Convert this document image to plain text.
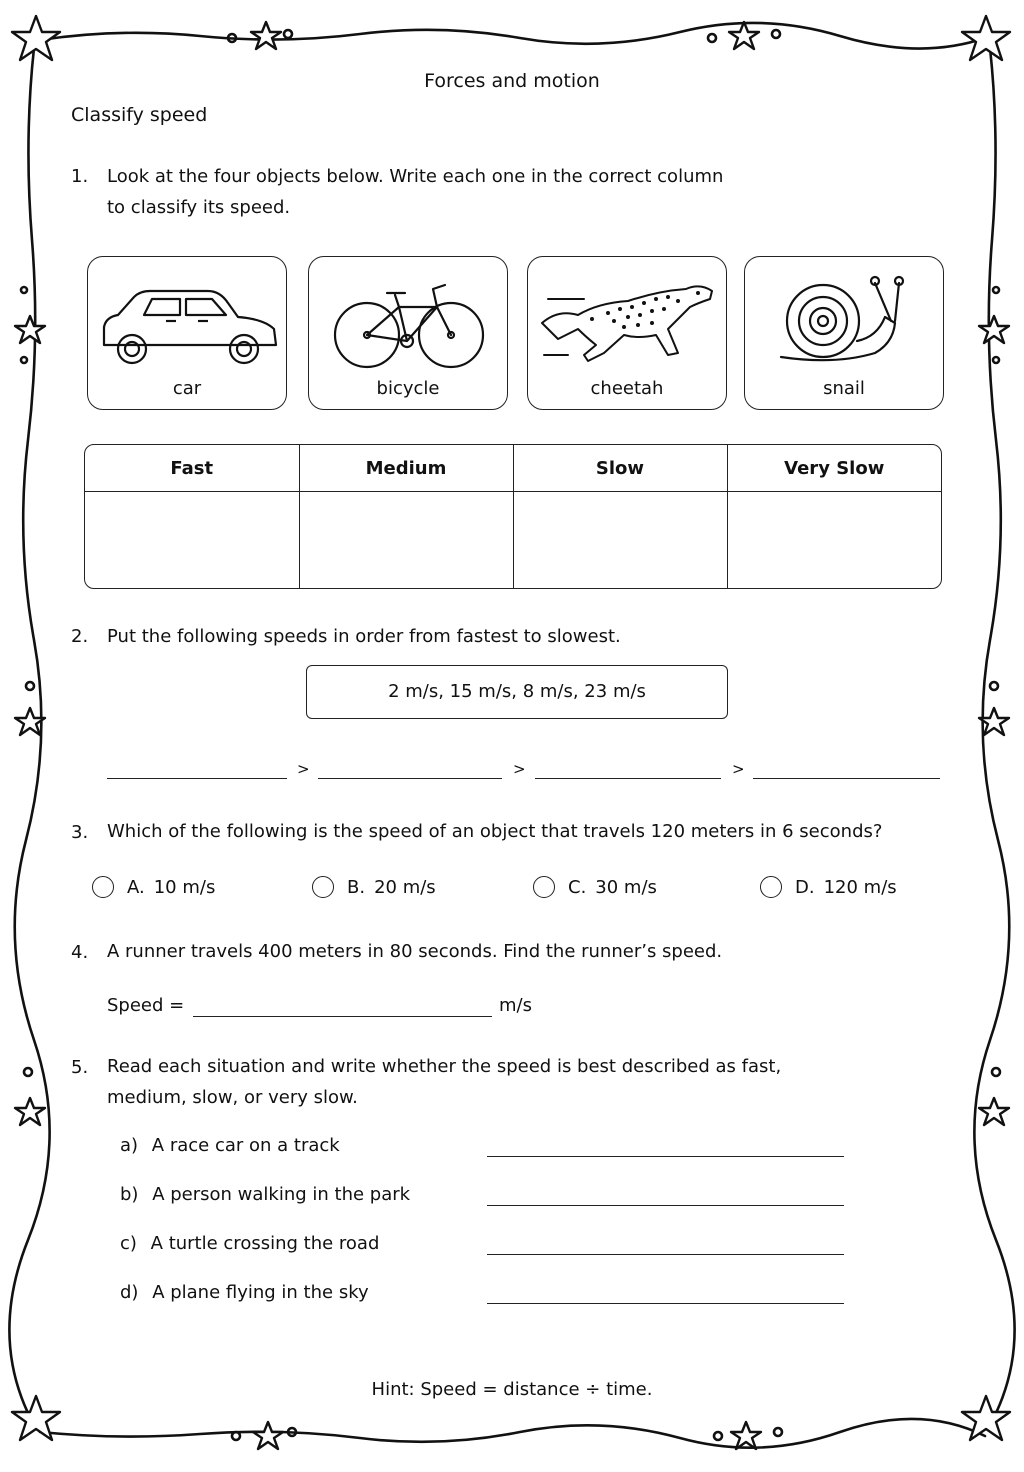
Forces and motion
Classify speed
1. Look at the four objects below. Write each one in the correct column
to classify its speed.
car	bicycle	cheetah	snail
Fast	Medium	Slow	Very Slow

2. Put the following speeds in order from fastest to slowest.
2 m/s, 15 m/s, 8 m/s, 23 m/s
>	>	>
3. Which of the following is the speed of an object that travels 120 meters in 6 seconds?
A. 10 m/s	B. 20 m/s	C. 30 m/s	D. 120 m/s
4. A runner travels 400 meters in 80 seconds. Find the runner’s speed.
Speed =	m/s
5. Read each situation and write whether the speed is best described as fast,
medium, slow, or very slow.
a) A race car on a track
b) A person walking in the park
c) A turtle crossing the road
d) A plane flying in the sky
Hint: Speed = distance ÷ time.
